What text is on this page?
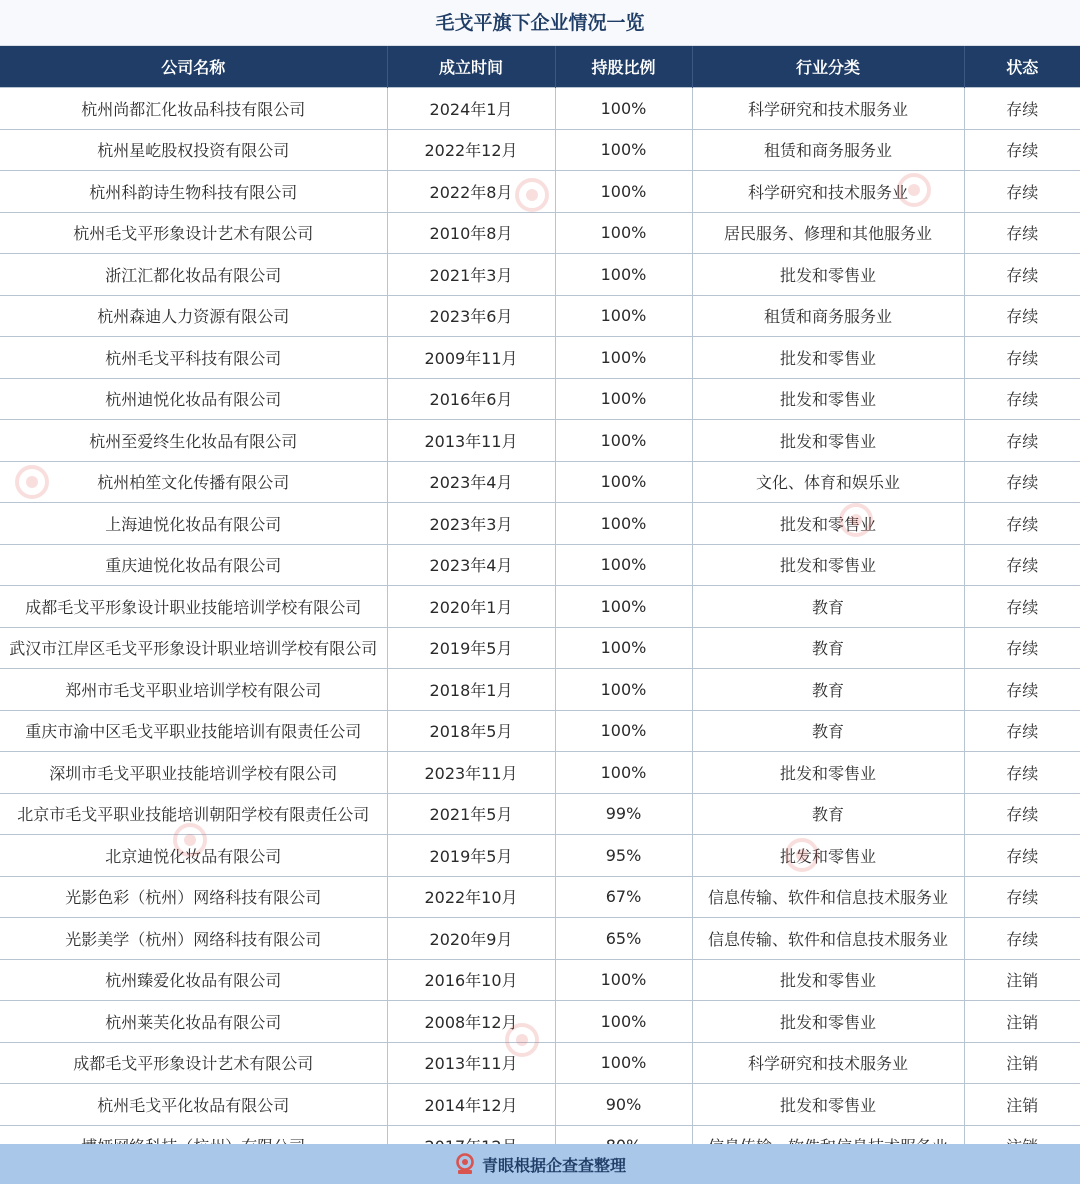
毛戈平旗下企业情况一览
公司名称	成立时间	持股比例	行业分类	状态
杭州尚都汇化妆品科技有限公司	2024年1月	100%	科学研究和技术服务业	存续
杭州星屹股权投资有限公司	2022年12月	100%	租赁和商务服务业	存续
杭州科韵诗生物科技有限公司	2022年8月	100%	科学研究和技术服务业	存续
杭州毛戈平形象设计艺术有限公司	2010年8月	100%	居民服务、修理和其他服务业	存续
浙江汇都化妆品有限公司	2021年3月	100%	批发和零售业	存续
杭州森迪人力资源有限公司	2023年6月	100%	租赁和商务服务业	存续
杭州毛戈平科技有限公司	2009年11月	100%	批发和零售业	存续
杭州迪悦化妆品有限公司	2016年6月	100%	批发和零售业	存续
杭州至爱终生化妆品有限公司	2013年11月	100%	批发和零售业	存续
杭州柏笙文化传播有限公司	2023年4月	100%	文化、体育和娱乐业	存续
上海迪悦化妆品有限公司	2023年3月	100%	批发和零售业	存续
重庆迪悦化妆品有限公司	2023年4月	100%	批发和零售业	存续
成都毛戈平形象设计职业技能培训学校有限公司	2020年1月	100%	教育	存续
武汉市江岸区毛戈平形象设计职业培训学校有限公司	2019年5月	100%	教育	存续
郑州市毛戈平职业培训学校有限公司	2018年1月	100%	教育	存续
重庆市渝中区毛戈平职业技能培训有限责任公司	2018年5月	100%	教育	存续
深圳市毛戈平职业技能培训学校有限公司	2023年11月	100%	批发和零售业	存续
北京市毛戈平职业技能培训朝阳学校有限责任公司	2021年5月	99%	教育	存续
北京迪悦化妆品有限公司	2019年5月	95%	批发和零售业	存续
光影色彩（杭州）网络科技有限公司	2022年10月	67%	信息传输、软件和信息技术服务业	存续
光影美学（杭州）网络科技有限公司	2020年9月	65%	信息传输、软件和信息技术服务业	存续
杭州臻爱化妆品有限公司	2016年10月	100%	批发和零售业	注销
杭州莱芙化妆品有限公司	2008年12月	100%	批发和零售业	注销
成都毛戈平形象设计艺术有限公司	2013年11月	100%	科学研究和技术服务业	注销
杭州毛戈平化妆品有限公司	2014年12月	90%	批发和零售业	注销

青眼根据企查查整理
